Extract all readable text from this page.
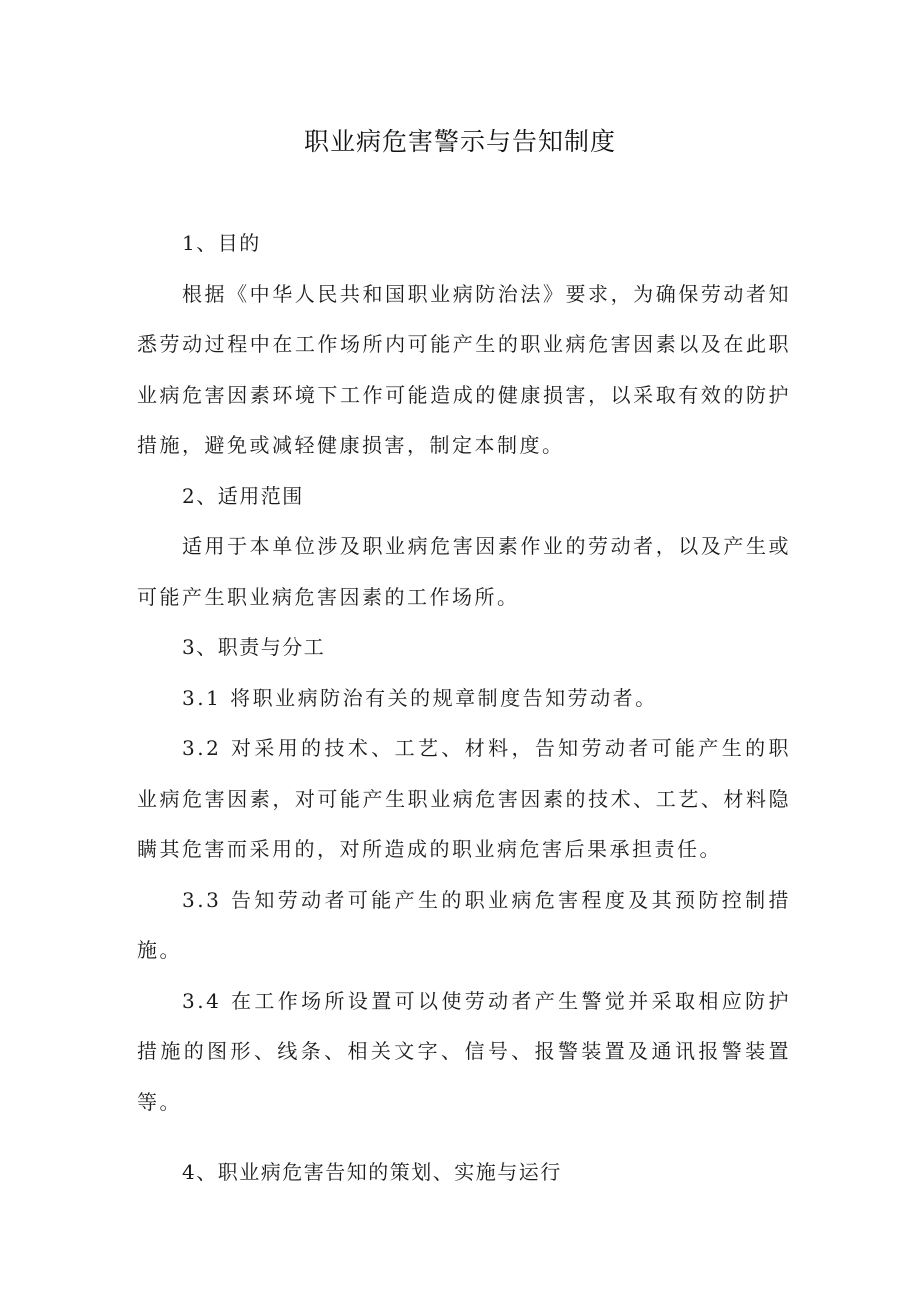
职业病危害警示与告知制度

1、目的

根据《中华人民共和国职业病防治法》要求，为确保劳动者知悉劳动过程中在工作场所内可能产生的职业病危害因素以及在此职业病危害因素环境下工作可能造成的健康损害，以采取有效的防护措施，避免或减轻健康损害，制定本制度。

2、适用范围

适用于本单位涉及职业病危害因素作业的劳动者，以及产生或可能产生职业病危害因素的工作场所。

3、职责与分工

3.1 将职业病防治有关的规章制度告知劳动者。

3.2 对采用的技术、工艺、材料，告知劳动者可能产生的职业病危害因素，对可能产生职业病危害因素的技术、工艺、材料隐瞒其危害而采用的，对所造成的职业病危害后果承担责任。

3.3 告知劳动者可能产生的职业病危害程度及其预防控制措施。

3.4 在工作场所设置可以使劳动者产生警觉并采取相应防护措施的图形、线条、相关文字、信号、报警装置及通讯报警装置等。

4、职业病危害告知的策划、实施与运行
